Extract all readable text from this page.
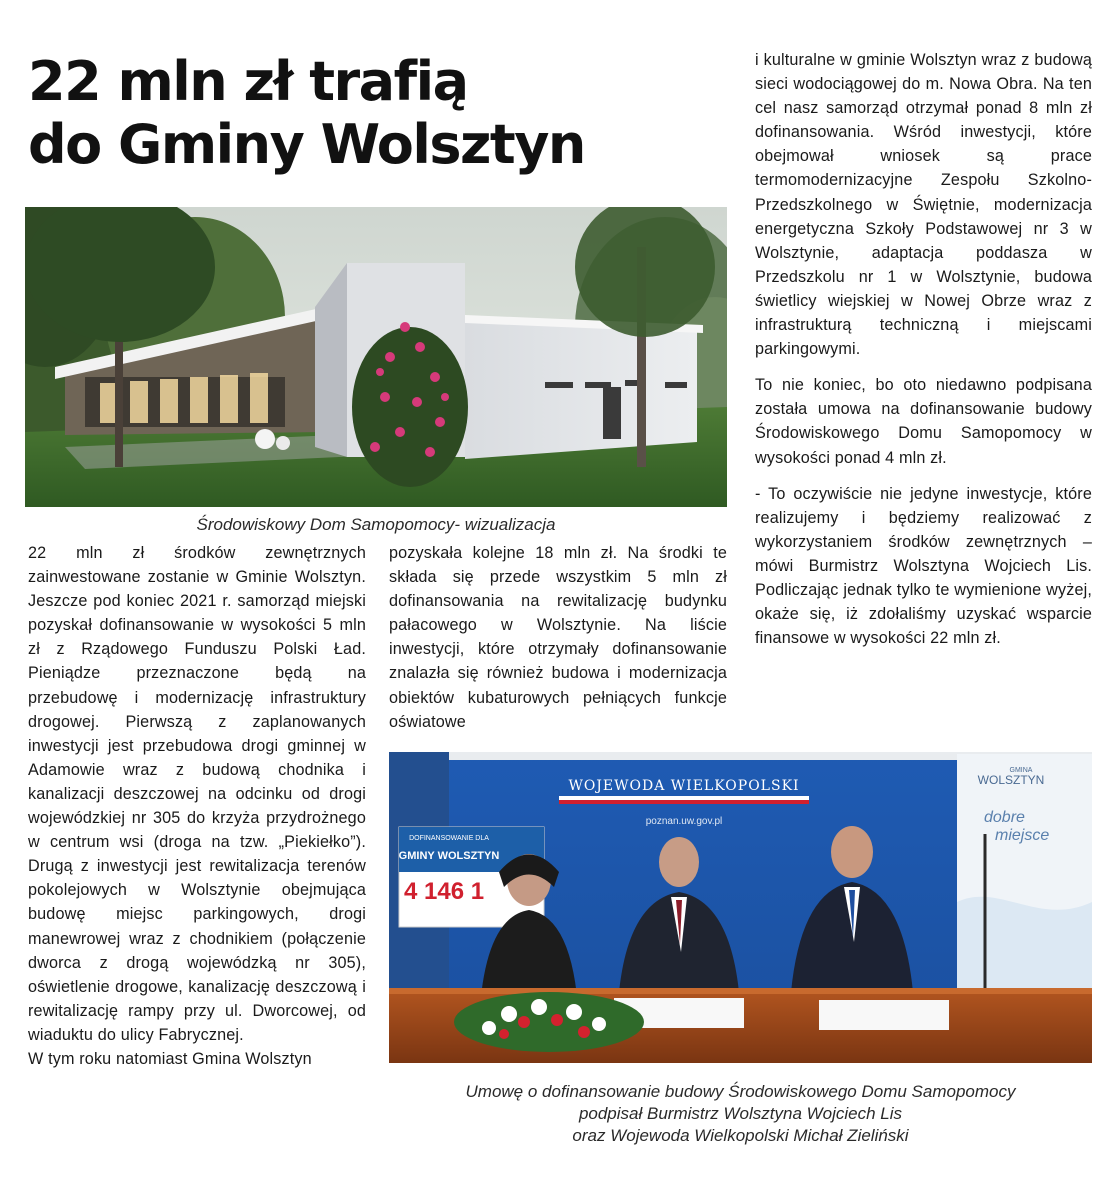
22 mln zł trafią
do Gminy Wolsztyn
Środowiskowy Dom Samopomocy- wizualizacja

22 mln zł środków zewnętrznych zainwestowane zostanie w Gminie Wolsztyn. Jeszcze pod koniec 2021 r. samorząd miejski pozyskał dofinansowanie w wysokości 5 mln zł z Rządowego Funduszu Polski Ład. Pieniądze przeznaczone będą na przebudowę i modernizację infrastruktury drogowej. Pierwszą z zaplanowanych inwestycji jest przebudowa drogi gminnej w Adamowie wraz z budową chodnika i kanalizacji deszczowej na odcinku od drogi wojewódzkiej nr 305 do krzyża przydrożnego w centrum wsi (droga na tzw. „Piekiełko”). Drugą z inwestycji jest rewitalizacja terenów pokolejowych w Wolsztynie obejmująca budowę miejsc parkingowych, drogi manewrowej wraz z chodnikiem (połączenie dworca z drogą wojewódzką nr 305), oświetlenie drogowe, kanalizację deszczową i rewitalizację rampy przy ul. Dworcowej, od wiaduktu do ulicy Fabrycznej.

W tym roku natomiast Gmina Wolsztyn

pozyskała kolejne 18 mln zł. Na środki te składa się przede wszystkim 5 mln zł dofinansowania na rewitalizację budynku pałacowego w Wolsztynie. Na liście inwestycji, które otrzymały dofinansowanie znalazła się również budowa i modernizacja obiektów kubaturowych pełniących funkcje oświatowe

i kulturalne w gminie Wolsztyn wraz z budową sieci wodociągowej do m. Nowa Obra. Na ten cel nasz samorząd otrzymał ponad 8 mln zł dofinansowania. Wśród inwestycji, które obejmował wniosek są prace termomodernizacyjne Zespołu Szkolno-Przedszkolnego w Świętnie, modernizacja energetyczna Szkoły Podstawowej nr 3 w Wolsztynie, adaptacja poddasza w Przedszkolu nr 1 w Wolsztynie, budowa świetlicy wiejskiej w Nowej Obrze wraz z infrastrukturą techniczną i miejscami parkingowymi.

To nie koniec, bo oto niedawno podpisana została umowa na dofinansowanie budowy Środowiskowego Domu Samopomocy w wysokości ponad 4 mln zł.

- To oczywiście nie jedyne inwestycje, które realizujemy i będziemy realizować z wykorzystaniem środków zewnętrznych – mówi Burmistrz Wolsztyna Wojciech Lis. Podliczając jednak tylko te wymienione wyżej, okaże się, iż zdołaliśmy uzyskać wsparcie finansowe w wysokości 22 mln zł.

WOJEWODA WIELKOPOLSKI
poznan.uw.gov.pl
GMINA
WOLSZTYN
dobre
miejsce
DOFINANSOWANIE DLA
GMINY WOLSZTYN
4 146 1
Umowę o dofinansowanie budowy Środowiskowego Domu Samopomocy
podpisał Burmistrz Wolsztyna Wojciech Lis
oraz Wojewoda Wielkopolski Michał Zieliński
